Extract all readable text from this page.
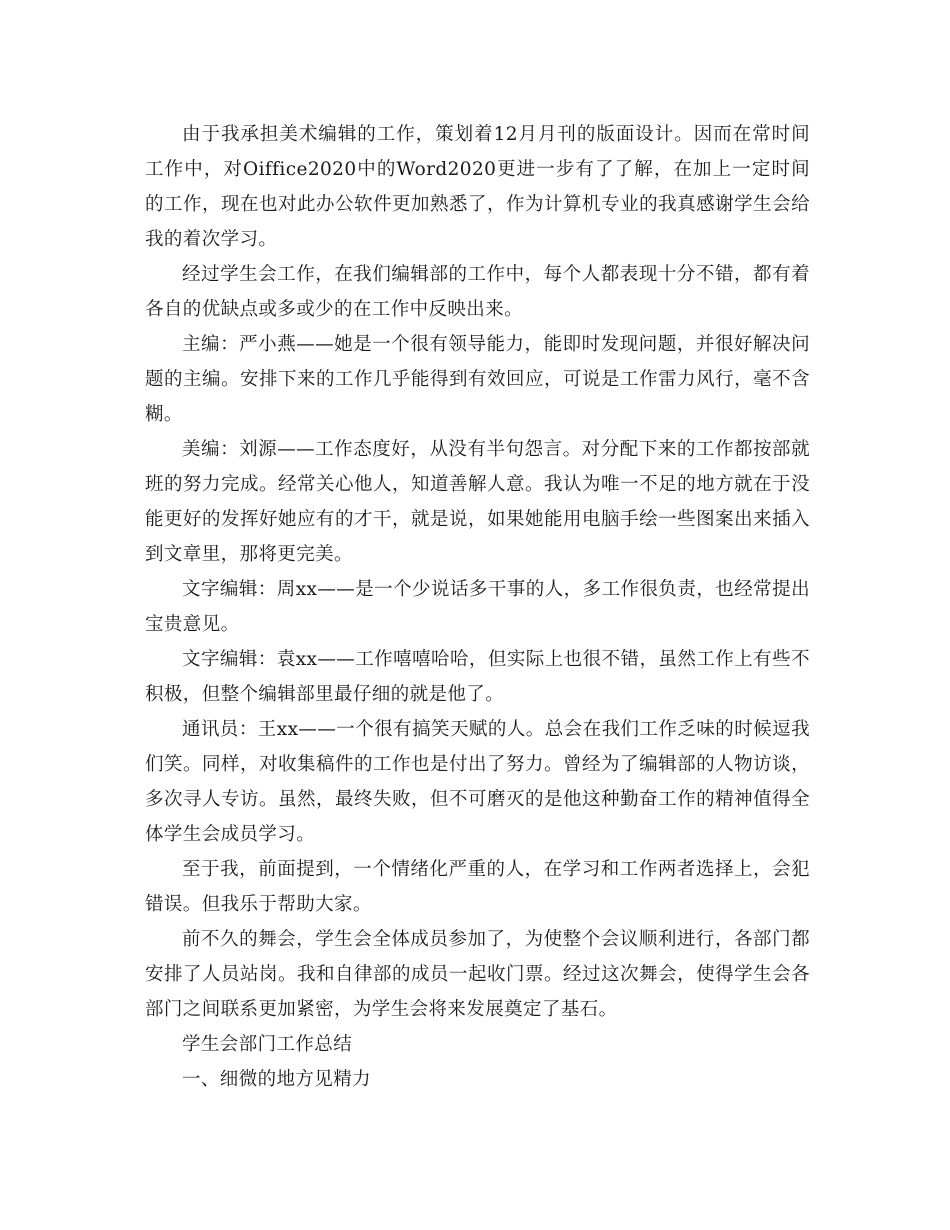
由于我承担美术编辑的工作，策划着12月月刊的版面设计。因而在常时间工作中，对Oiffice2020中的Word2020更进一步有了了解，在加上一定时间的工作，现在也对此办公软件更加熟悉了，作为计算机专业的我真感谢学生会给我的着次学习。

经过学生会工作，在我们编辑部的工作中，每个人都表现十分不错，都有着各自的优缺点或多或少的在工作中反映出来。

主编：严小燕——她是一个很有领导能力，能即时发现问题，并很好解决问题的主编。安排下来的工作几乎能得到有效回应，可说是工作雷力风行，毫不含糊。

美编：刘源——工作态度好，从没有半句怨言。对分配下来的工作都按部就班的努力完成。经常关心他人，知道善解人意。我认为唯一不足的地方就在于没能更好的发挥好她应有的才干，就是说，如果她能用电脑手绘一些图案出来插入到文章里，那将更完美。

文字编辑：周xx——是一个少说话多干事的人，多工作很负责，也经常提出宝贵意见。

文字编辑：袁xx——工作嘻嘻哈哈，但实际上也很不错，虽然工作上有些不积极，但整个编辑部里最仔细的就是他了。

通讯员：王xx——一个很有搞笑天赋的人。总会在我们工作乏味的时候逗我们笑。同样，对收集稿件的工作也是付出了努力。曾经为了编辑部的人物访谈，多次寻人专访。虽然，最终失败，但不可磨灭的是他这种勤奋工作的精神值得全体学生会成员学习。

至于我，前面提到，一个情绪化严重的人，在学习和工作两者选择上，会犯错误。但我乐于帮助大家。

前不久的舞会，学生会全体成员参加了，为使整个会议顺利进行，各部门都安排了人员站岗。我和自律部的成员一起收门票。经过这次舞会，使得学生会各部门之间联系更加紧密，为学生会将来发展奠定了基石。

学生会部门工作总结

一、细微的地方见精力
